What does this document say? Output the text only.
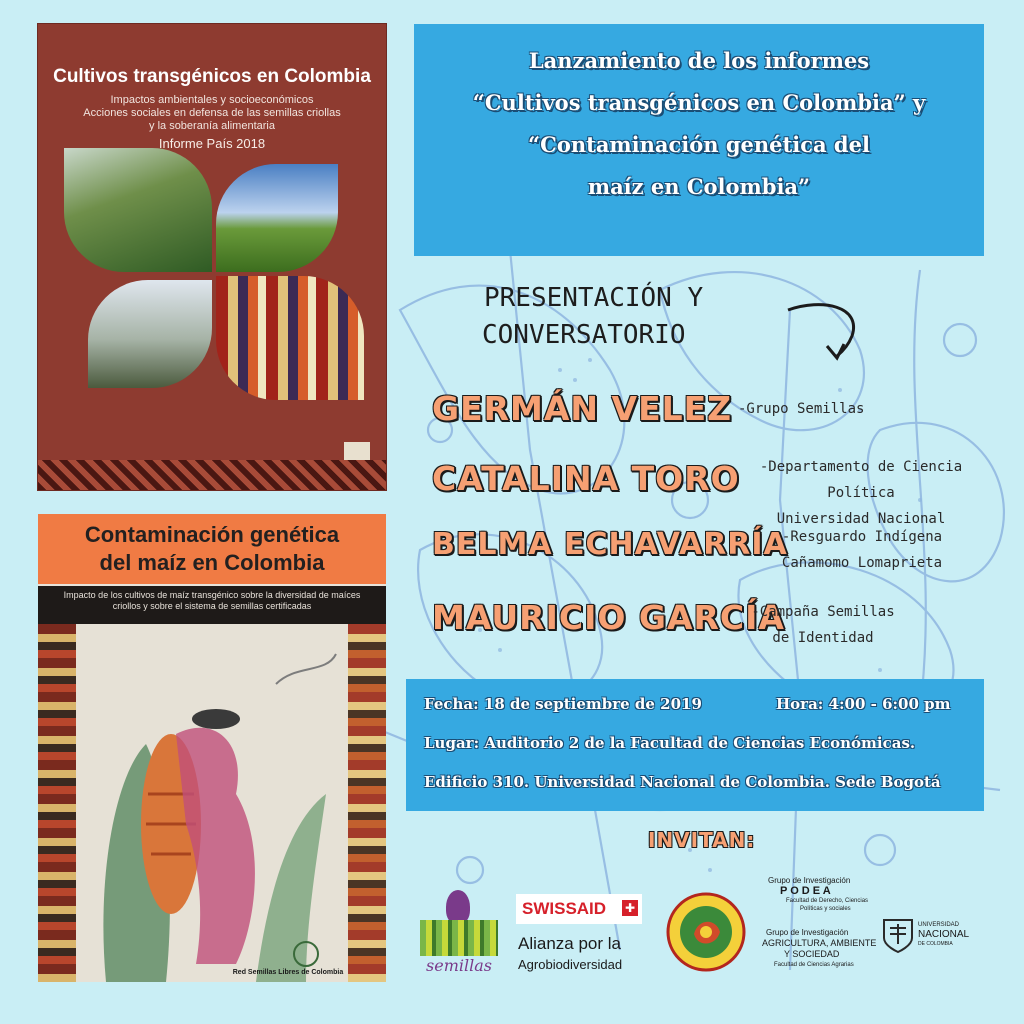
Cultivos transgénicos en Colombia
Impactos ambientales y socioeconómicos
Acciones sociales en defensa de las semillas criollas
y la soberanía alimentaria
Informe País 2018
Contaminación genética
del maíz en Colombia
Impacto de los cultivos de maíz transgénico sobre la diversidad de maíces
criollos y sobre el sistema de semillas certificadas
Red Semillas Libres de Colombia
Lanzamiento de los informes
“Cultivos transgénicos en Colombia” y
“Contaminación genética del
maíz en Colombia”
PRESENTACIÓN Y
CONVERSATORIO
GERMÁN VELEZ -Grupo Semillas
CATALINA TORO	-Departamento de Ciencia Política
Universidad Nacional
BELMA ECHAVARRÍA
-Resguardo Indígena
Cañamomo Lomaprieta
MAURICIO GARCÍA
-Campaña Semillas
de Identidad
Fecha: 18 de septiembre de 2019	Hora: 4:00 - 6:00 pm
Lugar: Auditorio 2 de la Facultad de Ciencias Económicas.
Edificio 310. Universidad Nacional de Colombia. Sede Bogotá
INVITAN:
semillas
SWISSAID ✚
Alianza por la
Agrobiodiversidad
Grupo de Investigación
P O D E A
Facultad de Derecho, Ciencias
Políticas y sociales
Grupo de Investigación
AGRICULTURA, AMBIENTE
Y SOCIEDAD
Facultad de Ciencias Agrarias
UNIVERSIDAD
NACIONAL
DE COLOMBIA
